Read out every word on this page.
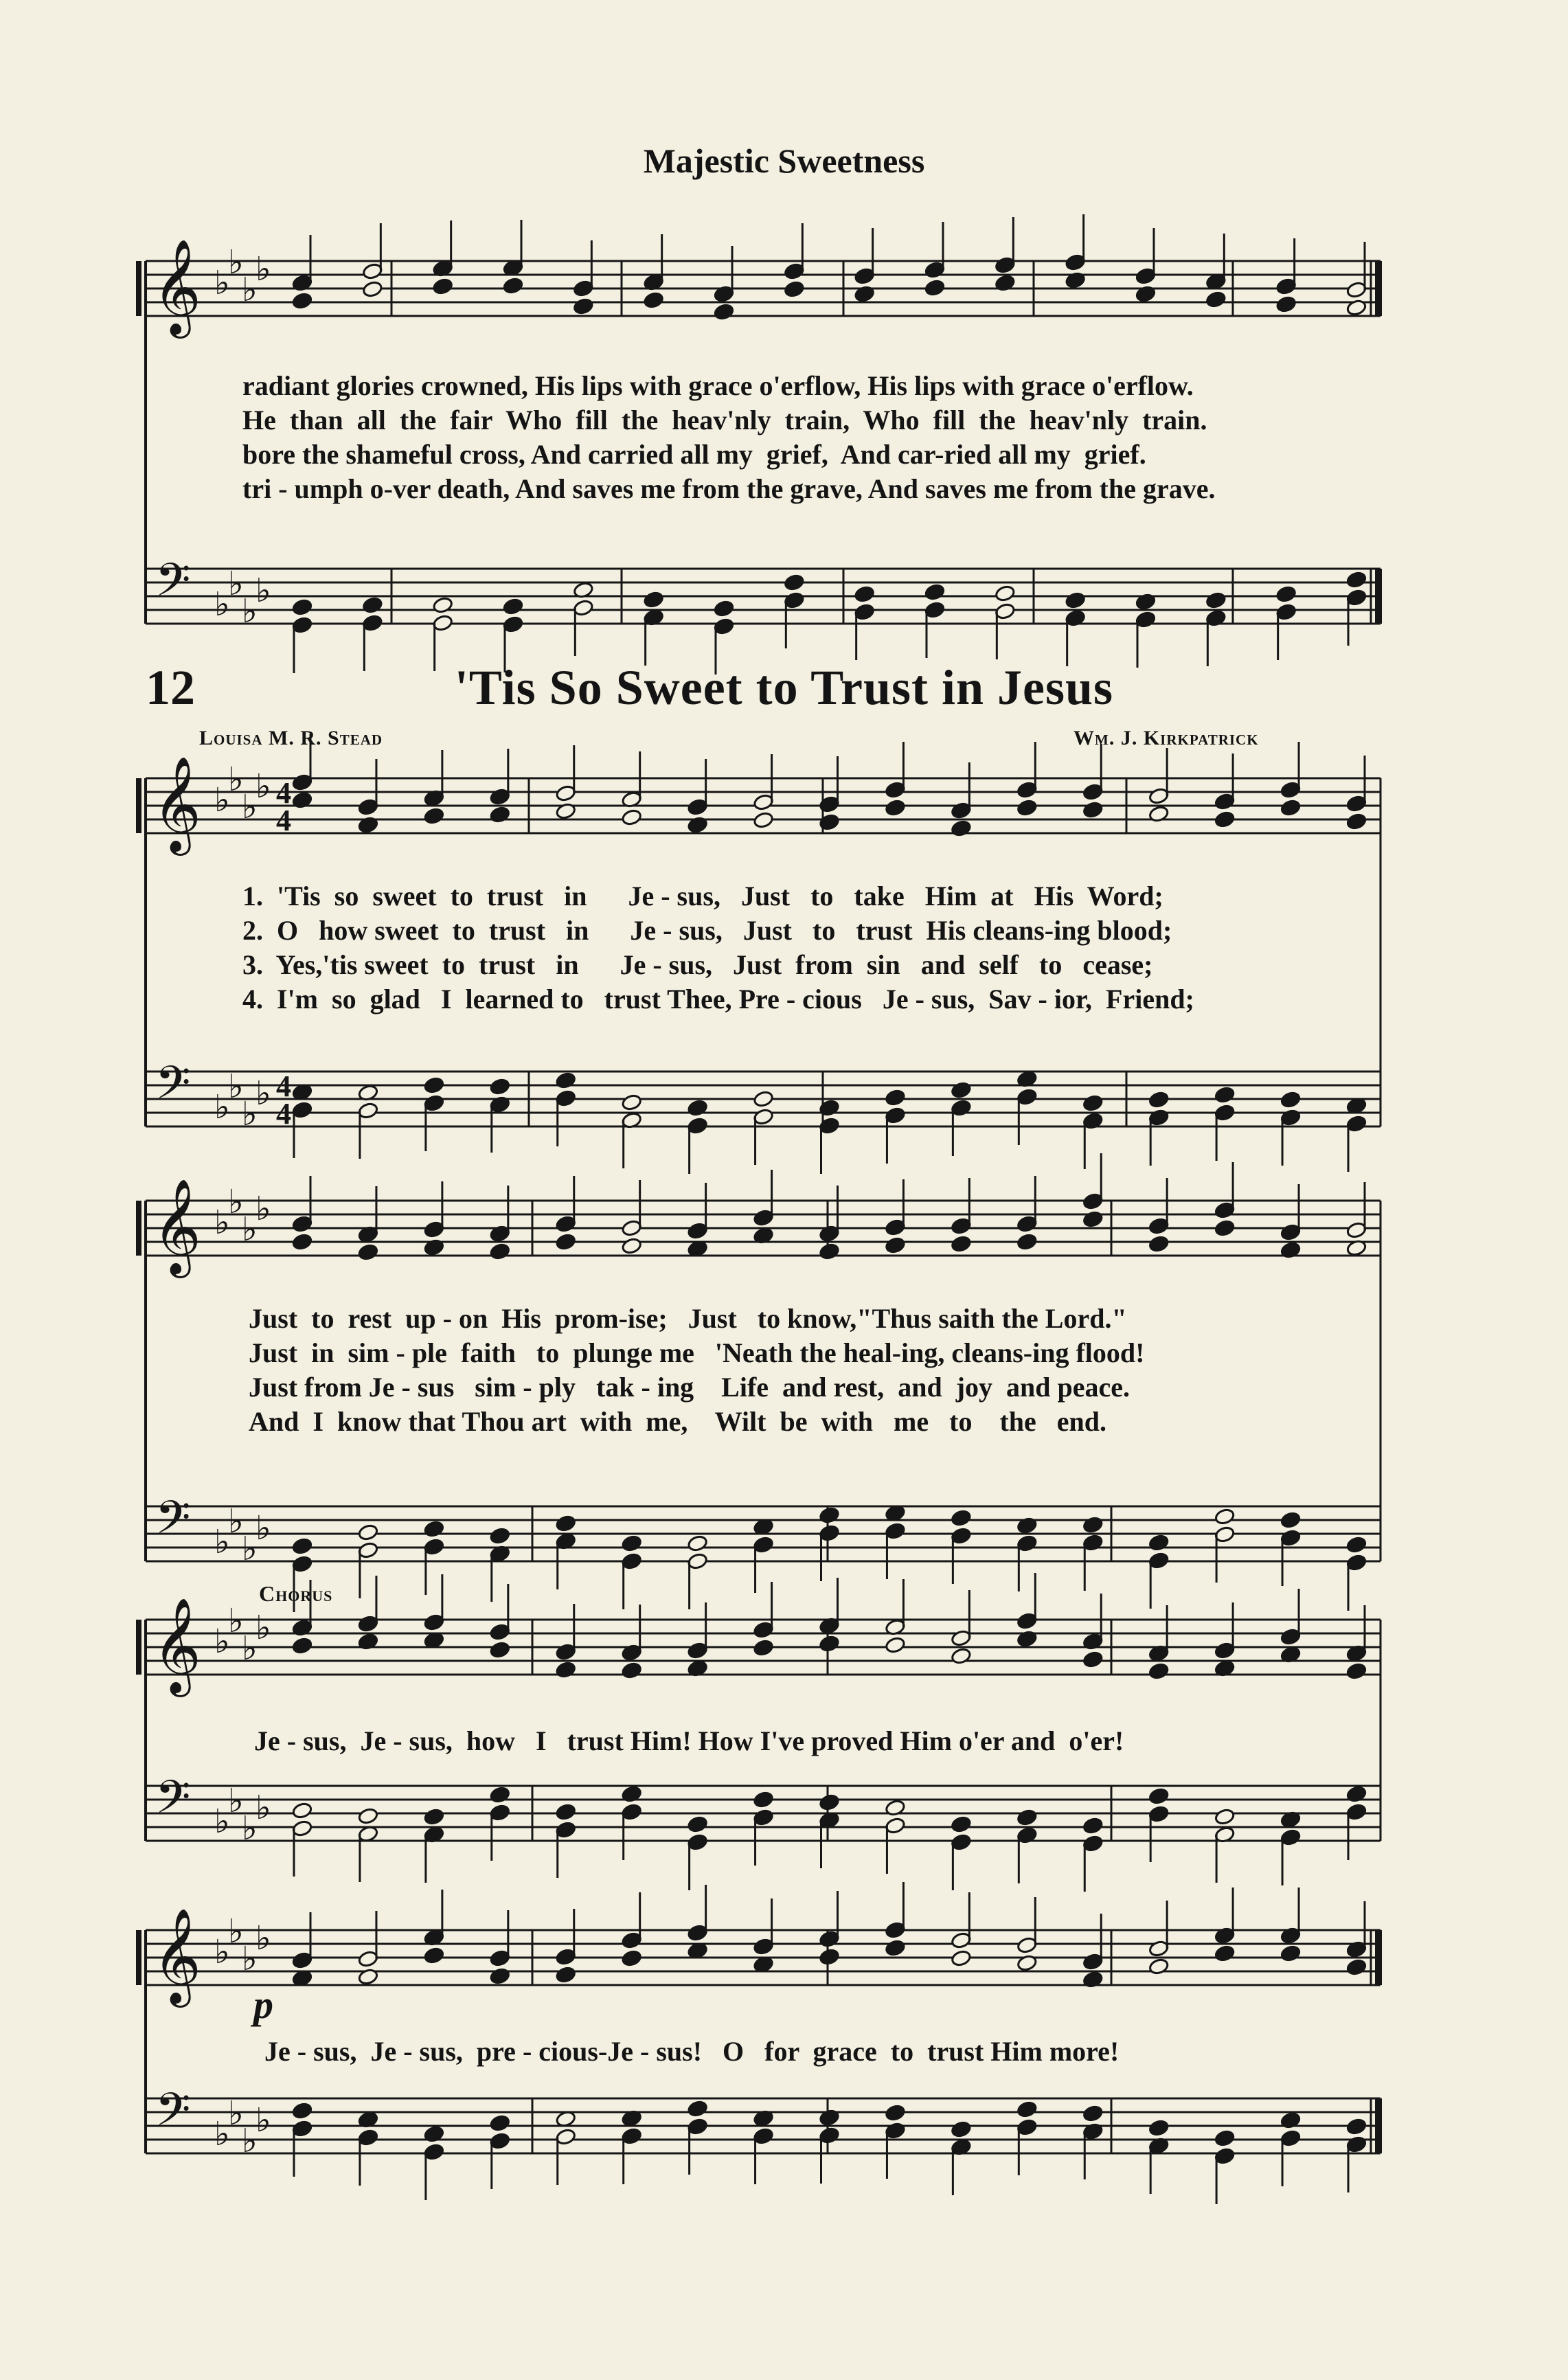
𝄞
𝄢
♭
♭
♭
♭
♭
♭
♭
♭
𝄞
𝄢
♭
♭
♭
♭
♭
♭
♭
♭
4
4
4
4
𝄞
𝄢
♭
♭
♭
♭
♭
♭
♭
♭
𝄞
𝄢
♭
♭
♭
♭
♭
♭
♭
♭
𝄞
𝄢
♭
♭
♭
♭
♭
♭
♭
♭
Majestic Sweetness
radiant glories crowned, His lips with grace o'erflow, His lips with grace o'erflow.
He  than  all  the  fair  Who  fill  the  heav'nly  train,  Who  fill  the  heav'nly  train.
bore the shameful cross, And carried all my  grief,  And car-ried all my  grief.
tri - umph o-ver death, And saves me from the grave, And saves me from the grave.
12	'Tis So Sweet to Trust in Jesus
Louisa M. R. Stead	Wm. J. Kirkpatrick
1.  'Tis  so  sweet  to  trust   in      Je - sus,   Just   to   take   Him  at   His  Word;
2.  O   how sweet  to  trust   in      Je - sus,   Just   to   trust  His cleans-ing blood;
3.  Yes,'tis sweet  to  trust   in      Je - sus,   Just  from  sin   and  self   to   cease;
4.  I'm  so  glad   I  learned to   trust Thee, Pre - cious   Je - sus,  Sav - ior,  Friend;
Just  to  rest  up - on  His  prom-ise;   Just   to know,"Thus saith the Lord."
Just  in  sim - ple  faith   to  plunge me   'Neath the heal-ing, cleans-ing flood!
Just from Je - sus   sim - ply   tak - ing    Life  and rest,  and  joy  and peace.
And  I  know that Thou art  with  me,    Wilt  be  with   me   to    the   end.
Chorus
Je - sus,  Je - sus,  how   I   trust Him! How I've proved Him o'er and  o'er!
p
Je - sus,  Je - sus,  pre - cious-Je - sus!   O   for  grace  to  trust Him more!
